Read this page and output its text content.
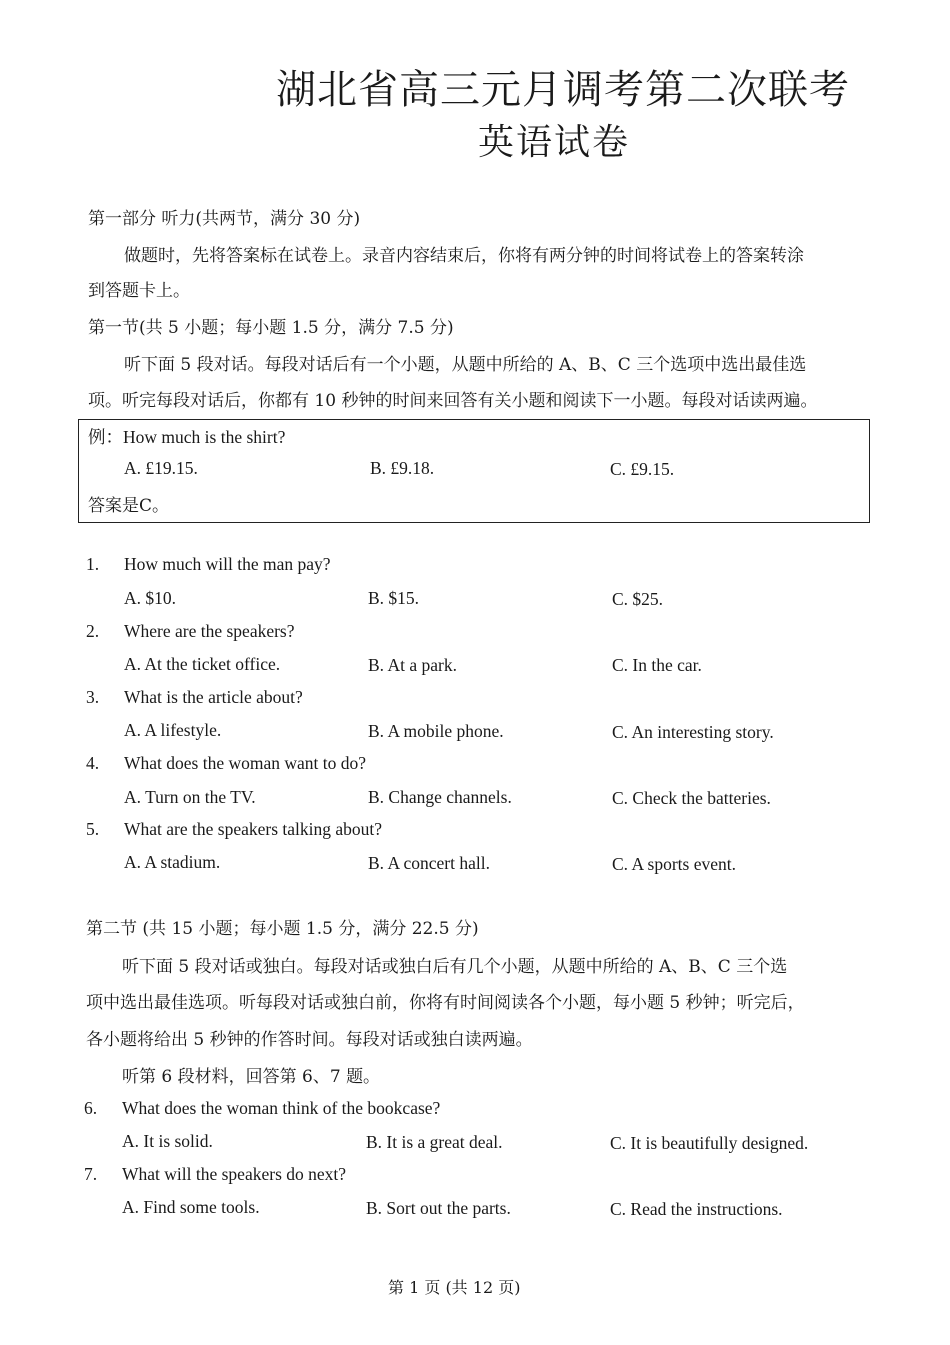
湖北省高三元月调考第二次联考
英语试卷
第一部分 听力(共两节，满分 30 分)
做题时，先将答案标在试卷上。录音内容结束后，你将有两分钟的时间将试卷上的答案转涂
到答题卡上。
第一节(共 5 小题；每小题 1.5 分，满分 7.5 分)
听下面 5 段对话。每段对话后有一个小题，从题中所给的 A、B、C 三个选项中选出最佳选
项。听完每段对话后，你都有 10 秒钟的时间来回答有关小题和阅读下一小题。每段对话读两遍。
例：How much is the shirt?
A. £19.15.	B. £9.18.	C. £9.15.
答案是C。
1. How much will the man pay?
A. $10.	B. $15.	C. $25.
2. Where are the speakers?
A. At the ticket office.	B. At a park.	C. In the car.
3. What is the article about?
A. A lifestyle.	B. A mobile phone.	C. An interesting story.
4. What does the woman want to do?
A. Turn on the TV.	B. Change channels.	C. Check the batteries.
5. What are the speakers talking about?
A. A stadium.	B. A concert hall.	C. A sports event.
第二节 (共 15 小题；每小题 1.5 分，满分 22.5 分)
听下面 5 段对话或独白。每段对话或独白后有几个小题，从题中所给的 A、B、C 三个选
项中选出最佳选项。听每段对话或独白前，你将有时间阅读各个小题，每小题 5 秒钟；听完后，
各小题将给出 5 秒钟的作答时间。每段对话或独白读两遍。
听第 6 段材料，回答第 6、7 题。
6. What does the woman think of the bookcase?
A. It is solid.	B. It is a great deal.	C. It is beautifully designed.
7. What will the speakers do next?
A. Find some tools.	B. Sort out the parts.	C. Read the instructions.
第 1 页 (共 12 页)
